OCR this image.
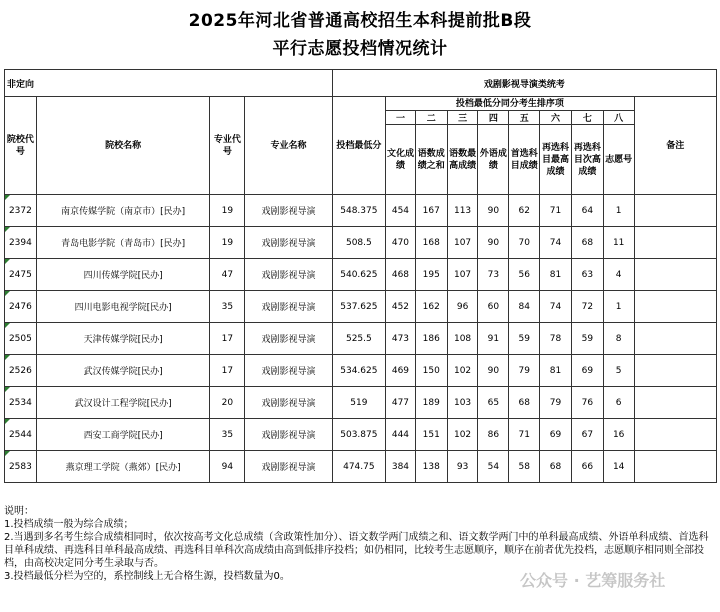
2025年河北省普通高校招生本科提前批B段
平行志愿投档情况统计
非定向				戏剧影视导演类统考									
院校代号	院校名称	专业代号	专业名称	投档最低分	投档最低分同分考生排序项								备注
					一	二	三	四	五	六	七	八	
					文化成绩	语数成绩之和	语数最高成绩	外语成绩	首选科目成绩	再选科目最高成绩	再选科目次高成绩	志愿号	
2372	南京传媒学院（南京市）[民办]	19	戏剧影视导演	548.375	454	167	113	90	62	71	64	1	
2394	青岛电影学院（青岛市）[民办]	19	戏剧影视导演	508.5	470	168	107	90	70	74	68	11	
2475	四川传媒学院[民办]	47	戏剧影视导演	540.625	468	195	107	73	56	81	63	4	
2476	四川电影电视学院[民办]	35	戏剧影视导演	537.625	452	162	96	60	84	74	72	1	
2505	天津传媒学院[民办]	17	戏剧影视导演	525.5	473	186	108	91	59	78	59	8	
2526	武汉传媒学院[民办]	17	戏剧影视导演	534.625	469	150	102	90	79	81	69	5	
2534	武汉设计工程学院[民办]	20	戏剧影视导演	519	477	189	103	65	68	79	76	6	
2544	西安工商学院[民办]	35	戏剧影视导演	503.875	444	151	102	86	71	69	67	16	
2583	燕京理工学院（燕郊）[民办]	94	戏剧影视导演	474.75	384	138	93	54	58	68	66	14	
说明：
1.投档成绩一般为综合成绩；
2.当遇到多名考生综合成绩相同时，依次按高考文化总成绩（含政策性加分）、语文数学两门成绩之和、语文数学两门中的单科最高成绩、外语单科成绩、首选科目单科成绩、再选科目单科最高成绩、再选科目单科次高成绩由高到低排序投档；如仍相同，比较考生志愿顺序，顺序在前者优先投档，志愿顺序相同则全部投档，由高校决定同分考生录取与否。
3.投档最低分栏为空的，系控制线上无合格生源，投档数量为0。	公众号 · 艺筹服务社
